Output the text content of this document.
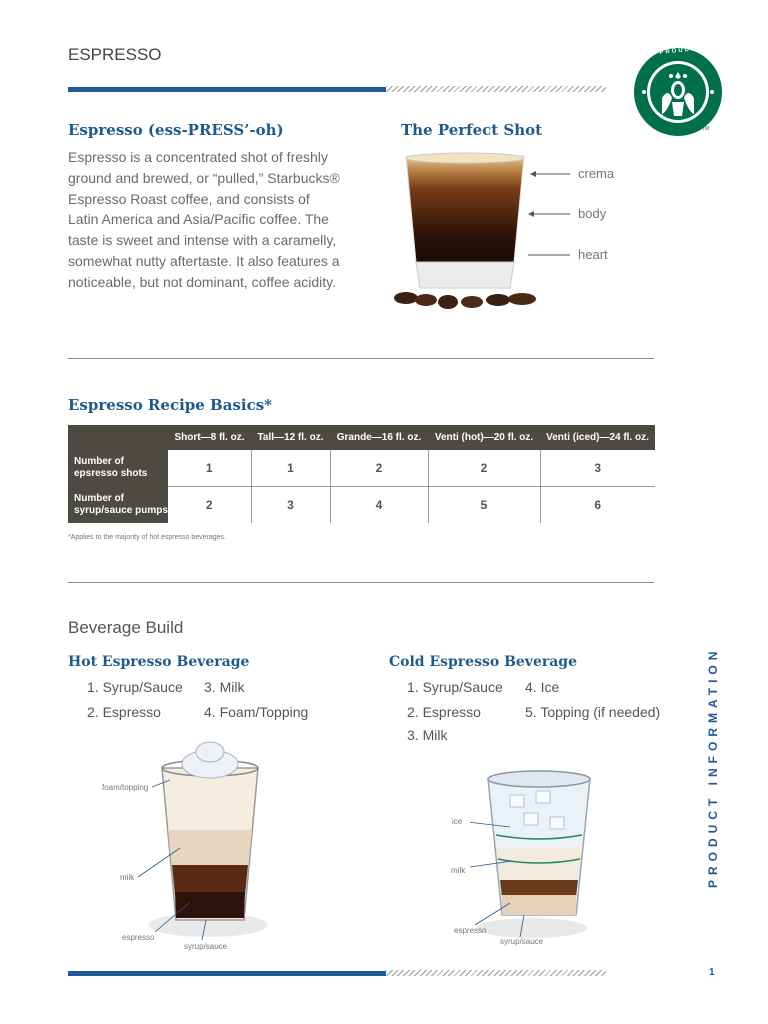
ESPRESSO	WE PROUDLY SERVE
TM
Espresso (ess-PRESS’-oh)
Espresso is a concentrated shot of freshly
ground and brewed, or “pulled,” Starbucks®
Espresso Roast coffee, and consists of
Latin America and Asia/Pacific coffee. The
taste is sweet and intense with a caramelly,
somewhat nutty aftertaste. It also features a
noticeable, but not dominant, coffee acidity.
The Perfect Shot
crema
body
heart
Espresso Recipe Basics*
	Short—8 fl. oz.	Tall—12 fl. oz.	Grande—16 fl. oz.	Venti (hot)—20 fl. oz.	Venti (iced)—24 fl. oz.

Number of
epsresso shots	1	1	2	2	3

Number of
syrup/sauce pumps	2	3	4	5	6
*Applies to the majority of hot espresso beverages.
Beverage Build
Hot Espresso Beverage
1. Syrup/Sauce 3. Milk
2. Espresso	4. Foam/Topping
Cold Espresso Beverage
1. Syrup/Sauce 4. Ice
2. Espresso	5. Topping (if needed)
3. Milk
foam/topping
milk
espresso
syrup/sauce
ice
milk
espresso
syrup/sauce
PRODUCT INFORMATION
1
